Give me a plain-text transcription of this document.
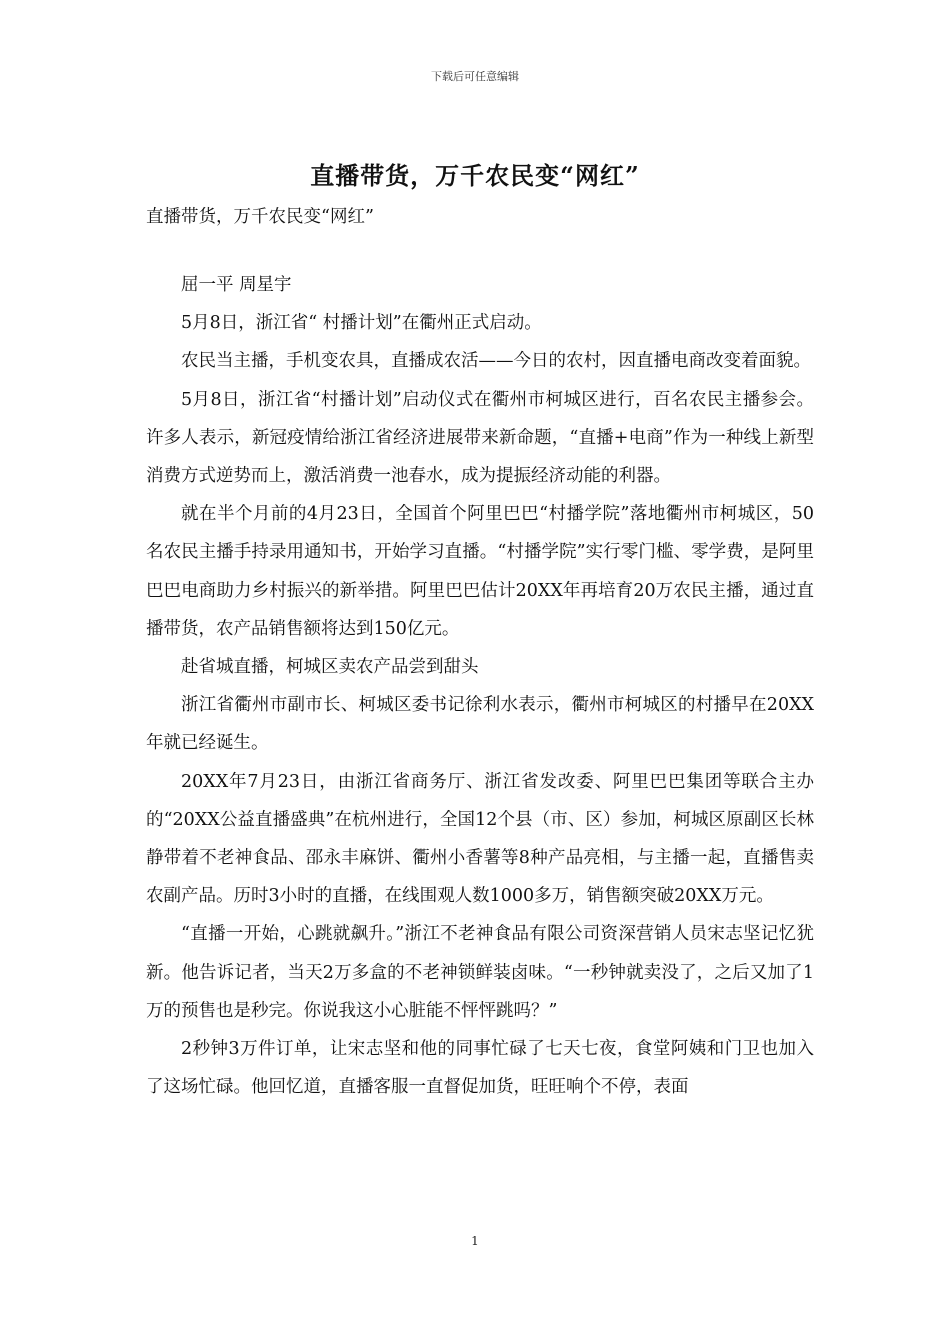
下载后可任意编辑
直播带货，万千农民变“网红”

直播带货，万千农民变“网红”

屈一平 周星宇

5月8日，浙江省“ 村播计划”在衢州正式启动。

农民当主播，手机变农具，直播成农活——今日的农村，因直播电商改变着面貌。

5月8日，浙江省“村播计划”启动仪式在衢州市柯城区进行，百名农民主播参会。许多人表示，新冠疫情给浙江省经济进展带来新命题，“直播+电商”作为一种线上新型消费方式逆势而上，激活消费一池春水，成为提振经济动能的利器。

就在半个月前的4月23日，全国首个阿里巴巴“村播学院”落地衢州市柯城区，50名农民主播手持录用通知书，开始学习直播。“村播学院”实行零门槛、零学费，是阿里巴巴电商助力乡村振兴的新举措。阿里巴巴估计20XX年再培育20万农民主播，通过直播带货，农产品销售额将达到150亿元。

赴省城直播，柯城区卖农产品尝到甜头

浙江省衢州市副市长、柯城区委书记徐利水表示，衢州市柯城区的村播早在20XX年就已经诞生。

20XX年7月23日，由浙江省商务厅、浙江省发改委、阿里巴巴集团等联合主办的“20XX公益直播盛典”在杭州进行，全国12个县（市、区）参加，柯城区原副区长林静带着不老神食品、邵永丰麻饼、衢州小香薯等8种产品亮相，与主播一起，直播售卖农副产品。历时3小时的直播，在线围观人数1000多万，销售额突破20XX万元。

“直播一开始，心跳就飙升。”浙江不老神食品有限公司资深营销人员宋志坚记忆犹新。他告诉记者，当天2万多盒的不老神锁鲜装卤味。“一秒钟就卖没了，之后又加了1万的预售也是秒完。你说我这小心脏能不怦怦跳吗？”

2秒钟3万件订单，让宋志坚和他的同事忙碌了七天七夜，食堂阿姨和门卫也加入了这场忙碌。他回忆道，直播客服一直督促加货，旺旺响个不停，表面

1
